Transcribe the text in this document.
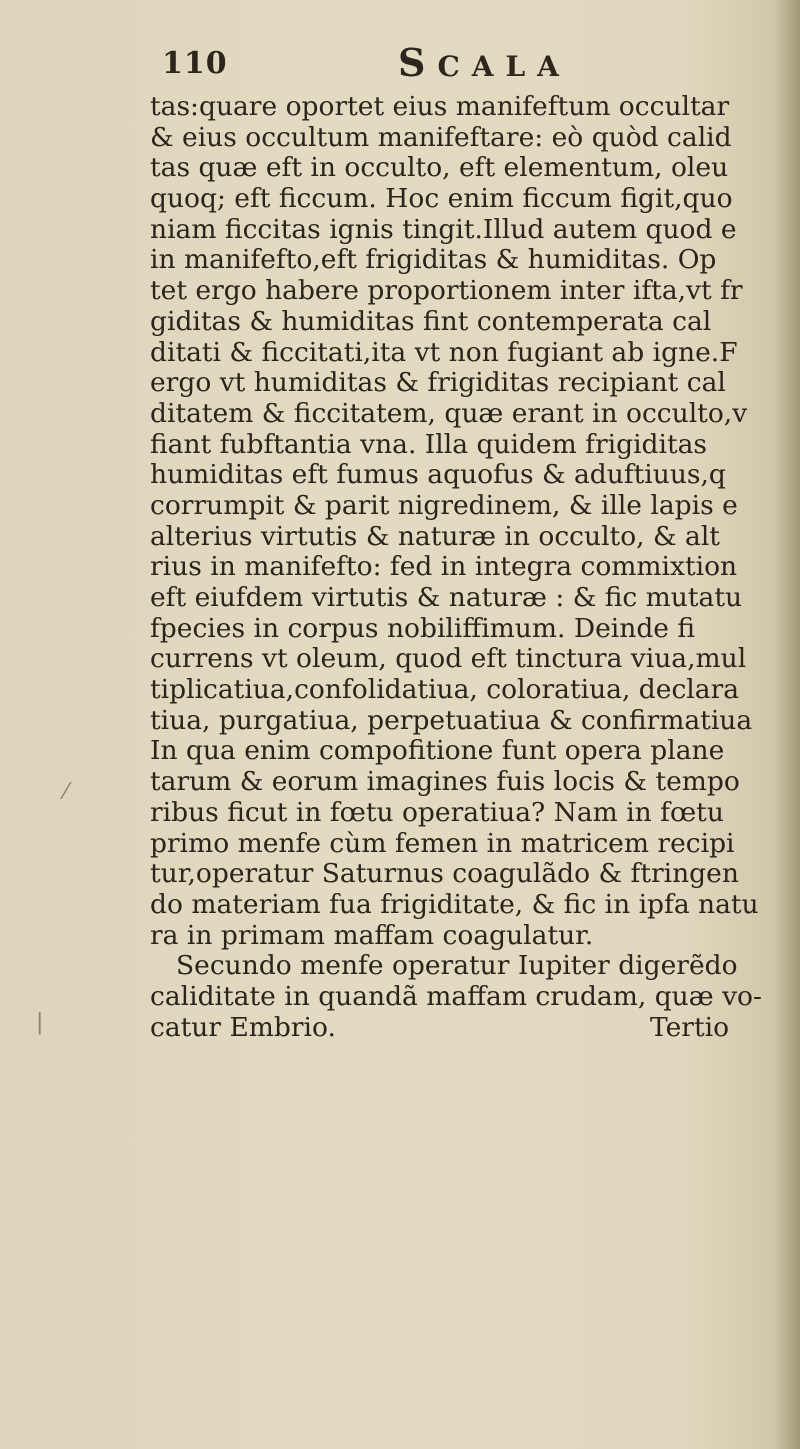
110	SCALA
tas:quare oportet eius manifeftum occultar
& eius occultum manifeftare: eò quòd calid
tas quæ eft in occulto, eft elementum, oleu
quoq; eft ficcum. Hoc enim ficcum figit,quo
niam ficcitas ignis tingit.Illud autem quod e
in manifefto,eft frigiditas & humiditas. Op
tet ergo habere proportionem inter ifta,vt fr
giditas & humiditas fint contemperata cal
ditati & ficcitati,ita vt non fugiant ab igne.F
ergo vt humiditas & frigiditas recipiant cal
ditatem & ficcitatem, quæ erant in occulto,v
fiant fubftantia vna. Illa quidem frigiditas
humiditas eft fumus aquofus & aduftiuus,q
corrumpit & parit nigredinem, & ille lapis e
alterius virtutis & naturæ in occulto, & alt
rius in manifefto: fed in integra commixtion
eft eiufdem virtutis & naturæ : & fic mutatu
fpecies in corpus nobiliffimum. Deinde fi
currens vt oleum, quod eft tinctura viua,mul
tiplicatiua,confolidatiua, coloratiua, declara
tiua, purgatiua, perpetuatiua & confirmatiua
In qua enim compofitione funt opera plane
tarum & eorum imagines fuis locis & tempo
ribus ficut in fœtu operatiua? Nam in fœtu
primo menfe cùm femen in matricem recipi
tur,operatur Saturnus coagulãdo & ftringen
do materiam fua frigiditate, & fic in ipfa natu
ra in primam maffam coagulatur.
Secundo menfe operatur Iupiter digerẽdo
caliditate in quandã maffam crudam, quæ vo-
catur Embrio.	Tertio
⁄
|
